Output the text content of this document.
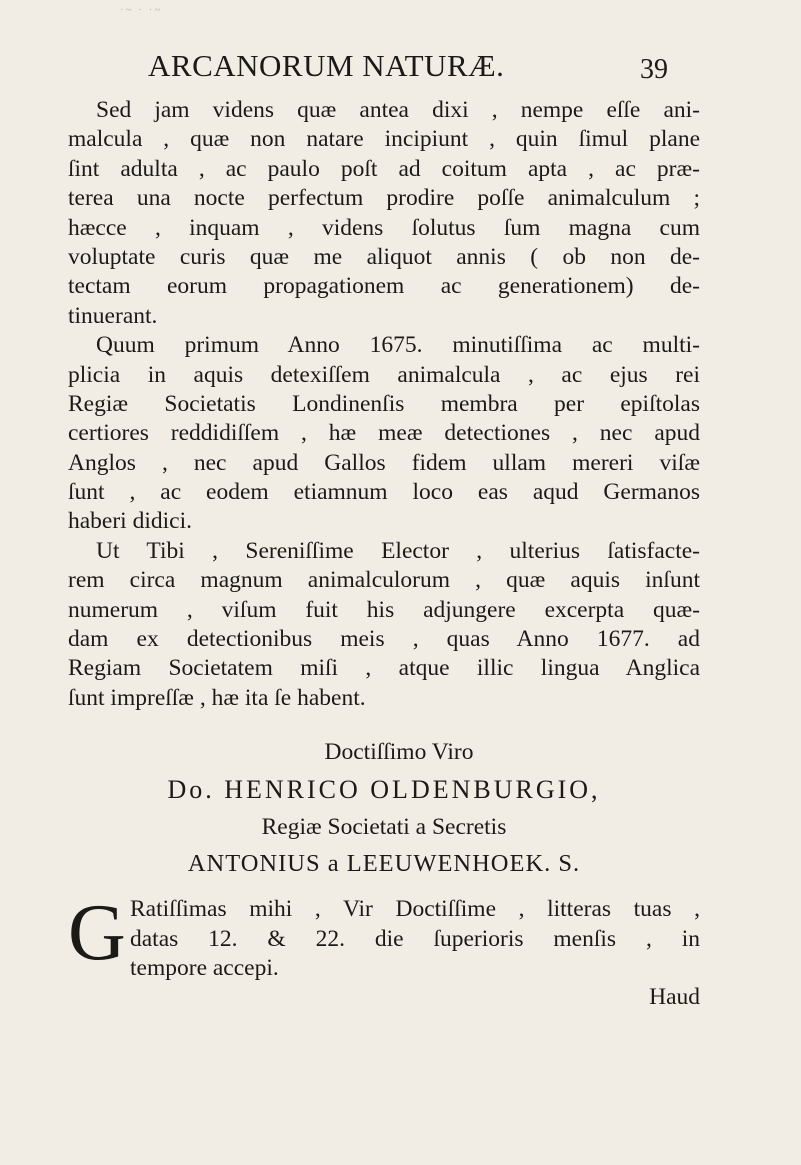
·~ · ·~
ARCANORUM NATURÆ.	39
Sed jam videns quæ antea dixi , nempe eſſe ani-
malcula , quæ non natare incipiunt , quin ſimul plane
ſint adulta , ac paulo poſt ad coitum apta , ac præ-
terea una nocte perfectum prodire poſſe animalculum ;
hæcce , inquam , videns ſolutus ſum magna cum
voluptate curis quæ me aliquot annis ( ob non de-
tectam eorum propagationem ac generationem) de-
tinuerant.
Quum primum Anno 1675. minutiſſima ac multi-
plicia in aquis detexiſſem animalcula , ac ejus rei
Regiæ Societatis Londinenſis membra per epiſtolas
certiores reddidiſſem , hæ meæ detectiones , nec apud
Anglos , nec apud Gallos fidem ullam mereri viſæ
ſunt , ac eodem etiamnum loco eas aqud Germanos
haberi didici.
Ut Tibi , Sereniſſime Elector , ulterius ſatisfacte-
rem circa magnum animalculorum , quæ aquis inſunt
numerum , viſum fuit his adjungere excerpta quæ-
dam ex detectionibus meis , quas Anno 1677. ad
Regiam Societatem miſi , atque illic lingua Anglica
ſunt impreſſæ , hæ ita ſe habent.
Doctiſſimo Viro
Do. HENRICO OLDENBURGIO,
Regiæ Societati a Secretis
ANTONIUS a LEEUWENHOEK. S.
G Ratiſſimas mihi , Vir Doctiſſime , litteras tuas ,
datas 12. & 22. die ſuperioris menſis , in
tempore accepi.
Haud
